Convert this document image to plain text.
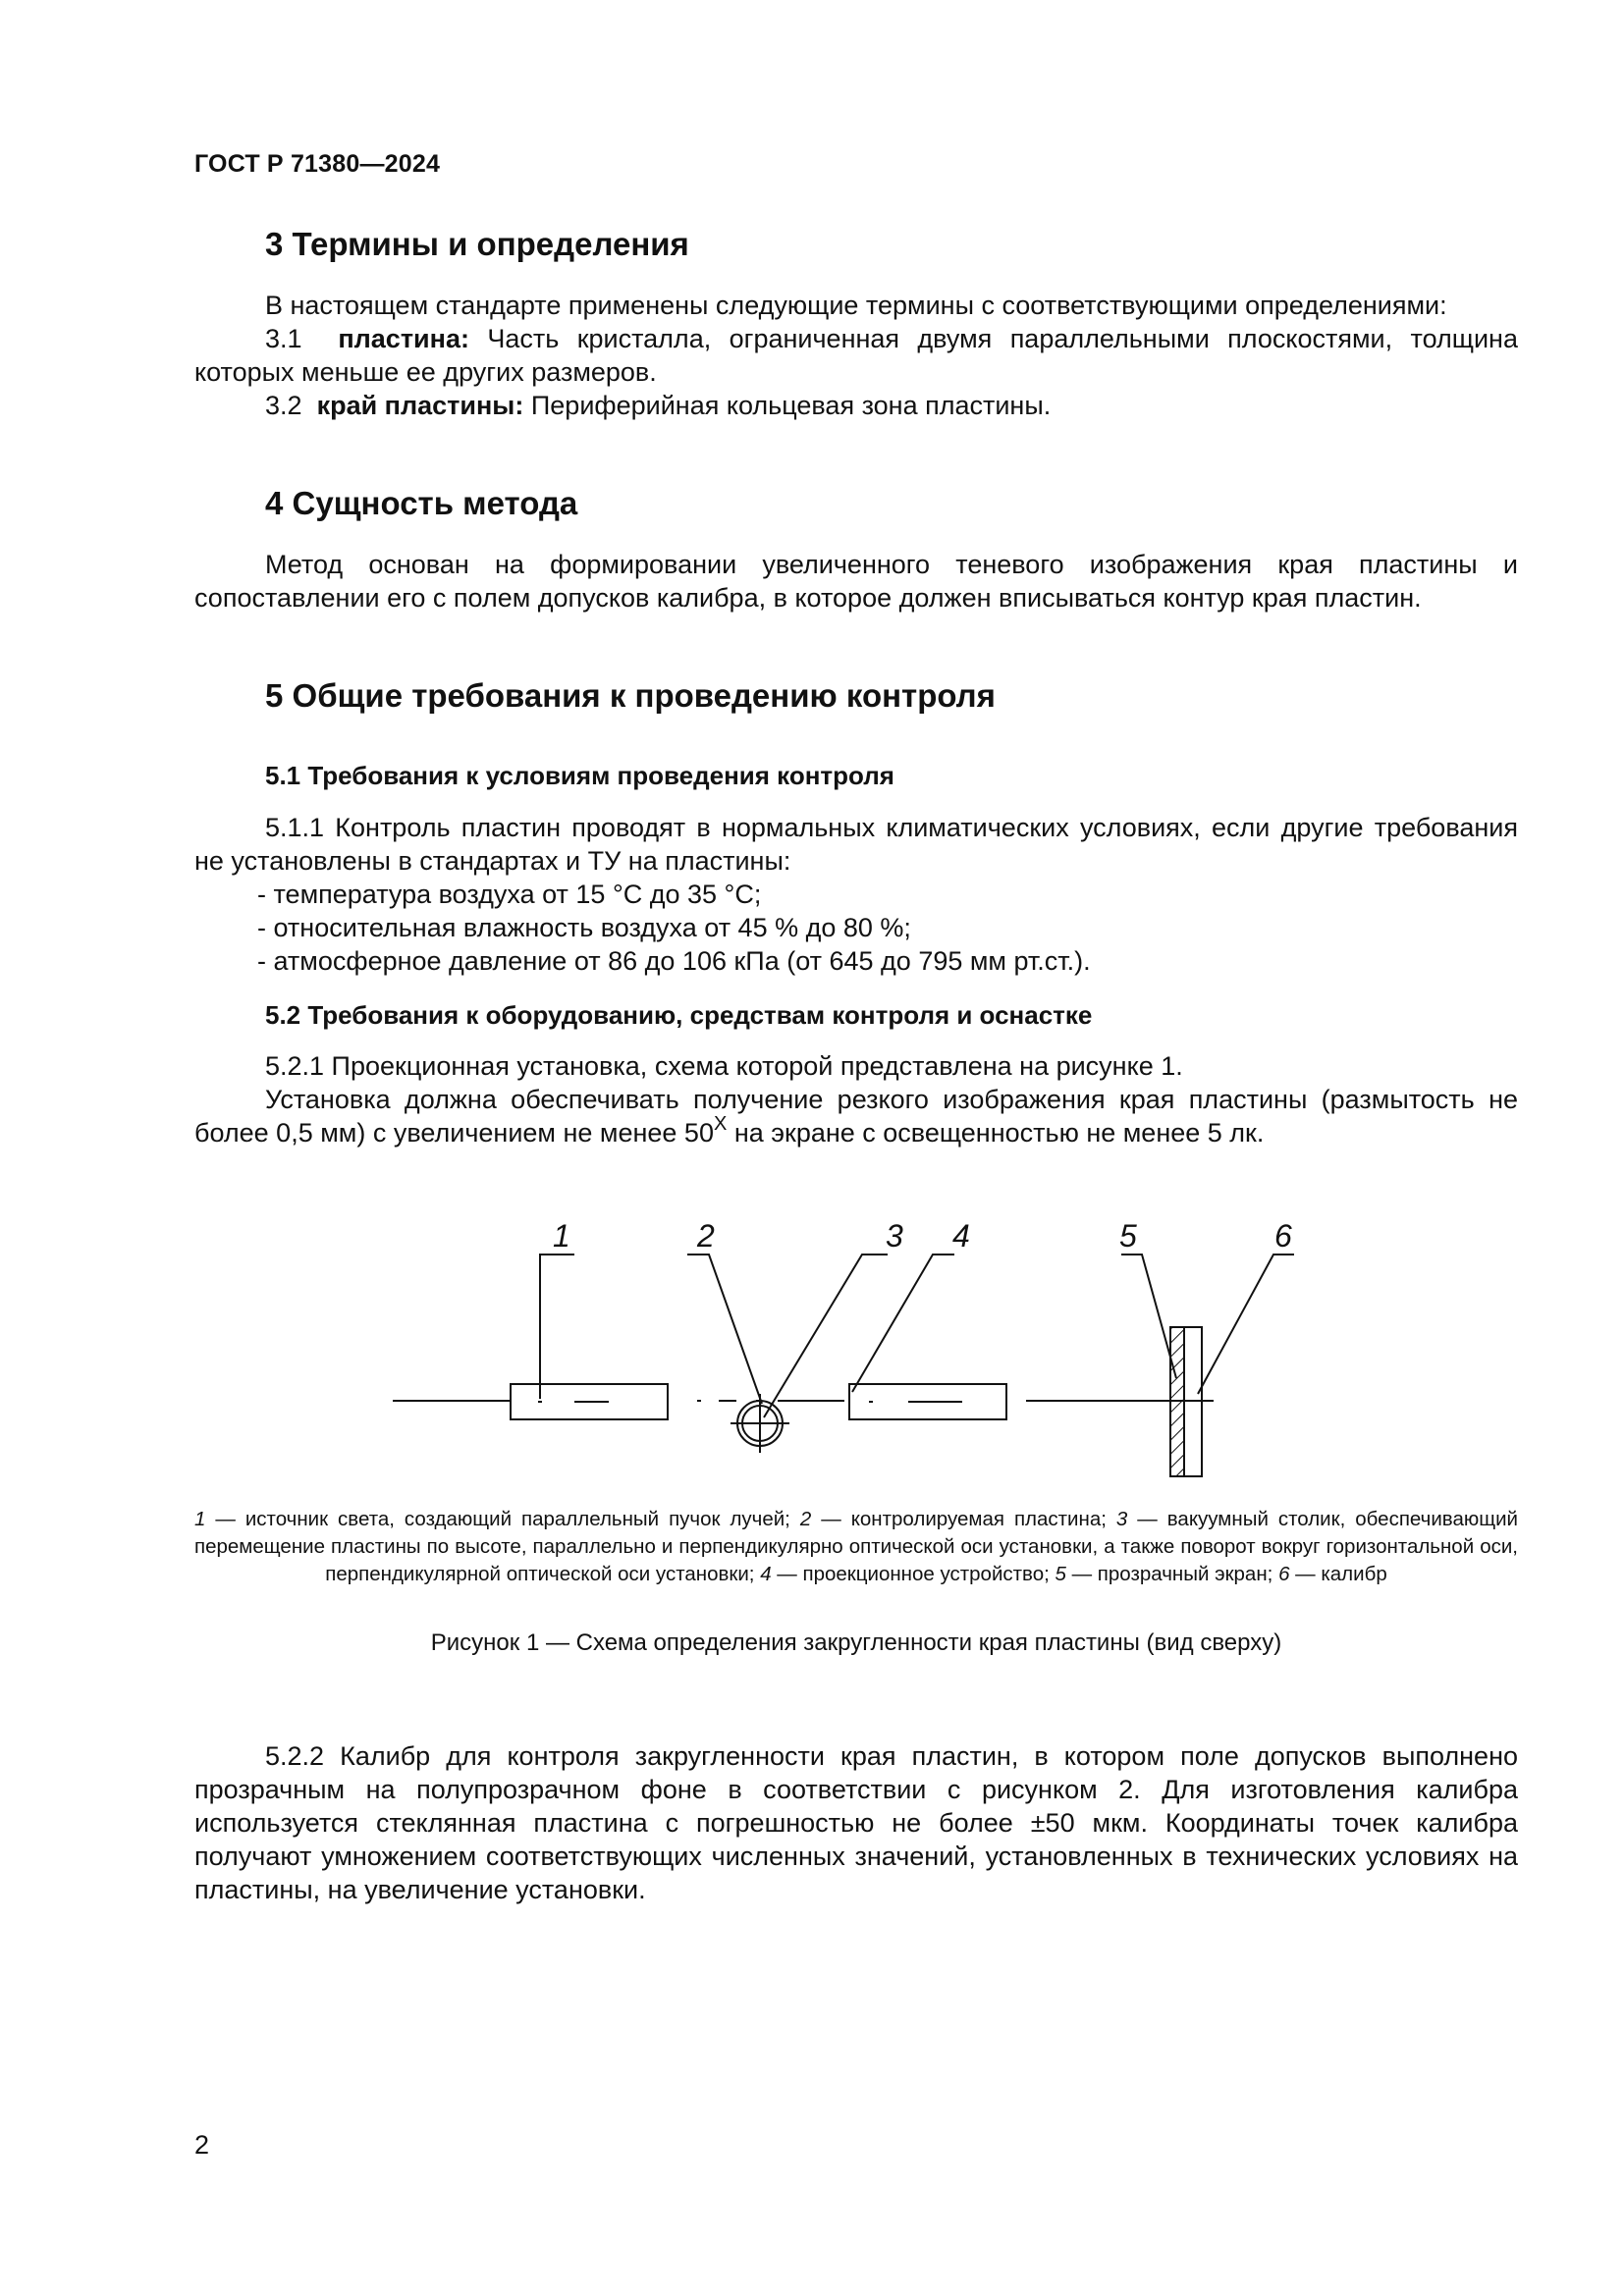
ГОСТ Р 71380—2024
3 Термины и определения
В настоящем стандарте применены следующие термины с соответствующими определениями:
3.1 пластина: Часть кристалла, ограниченная двумя параллельными плоскостями, толщина которых меньше ее других размеров.
3.2 край пластины: Периферийная кольцевая зона пластины.
4 Сущность метода
Метод основан на формировании увеличенного теневого изображения края пластины и сопоставлении его с полем допусков калибра, в которое должен вписываться контур края пластин.
5 Общие требования к проведению контроля
5.1 Требования к условиям проведения контроля
5.1.1 Контроль пластин проводят в нормальных климатических условиях, если другие требования не установлены в стандартах и ТУ на пластины:
- температура воздуха от 15 °С до 35 °С;
- относительная влажность воздуха от 45 % до 80 %;
- атмосферное давление от 86 до 106 кПа (от 645 до 795 мм рт.ст.).
5.2 Требования к оборудованию, средствам контроля и оснастке
5.2.1 Проекционная установка, схема которой представлена на рисунке 1.
Установка должна обеспечивать получение резкого изображения края пластины (размытость не более 0,5 мм) с увеличением не менее $50^Х$ на экране с освещенностью не менее 5 лк.
1	2	3 4	5	6
1 — источник света, создающий параллельный пучок лучей; 2 — контролируемая пластина; 3 — вакуумный столик, обеспечивающий перемещение пластины по высоте, параллельно и перпендикулярно оптической оси установки, а также поворот вокруг горизонтальной оси, перпендикулярной оптической оси установки; 4 — проекционное устройство; 5 — прозрачный экран; 6 — калибр
Рисунок 1 — Схема определения закругленности края пластины (вид сверху)
5.2.2 Калибр для контроля закругленности края пластин, в котором поле допусков выполнено прозрачным на полупрозрачном фоне в соответствии с рисунком 2. Для изготовления калибра используется стеклянная пластина с погрешностью не более ±50 мкм. Координаты точек калибра получают умножением соответствующих численных значений, установленных в технических условиях на пластины, на увеличение установки.
2
